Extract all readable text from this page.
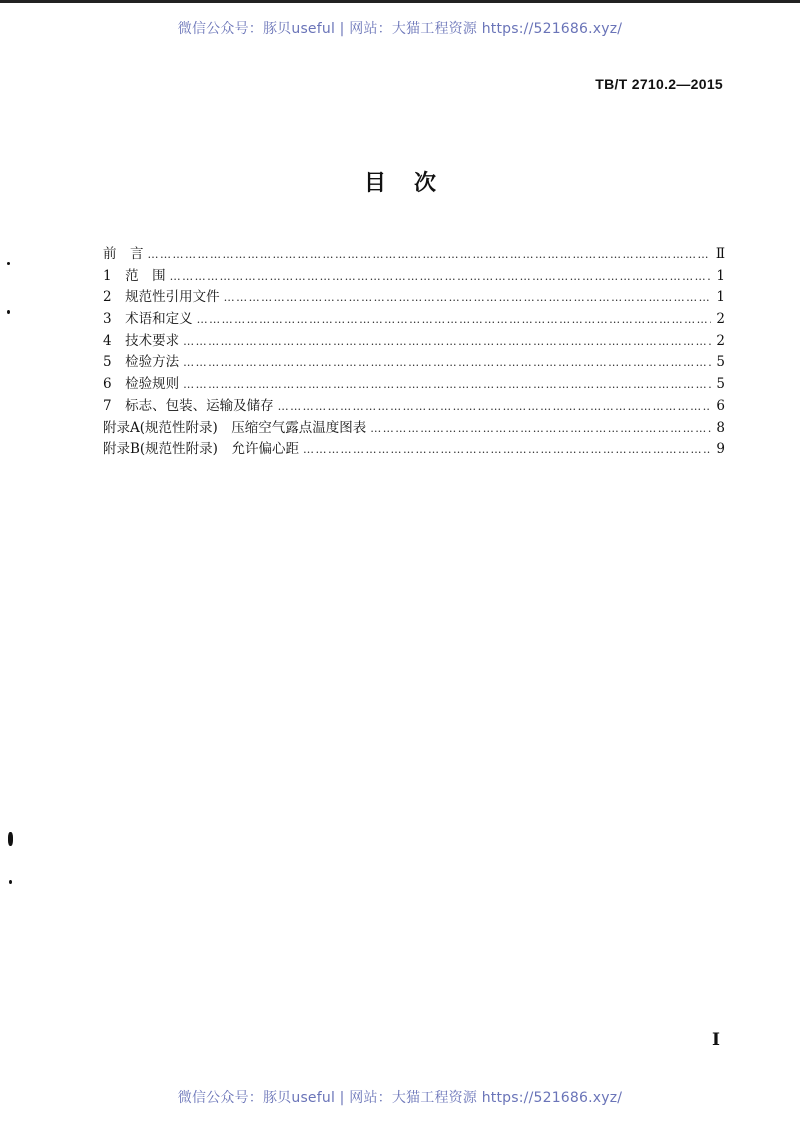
微信公众号：豚贝useful | 网站：大猫工程资源 https://521686.xyz/
TB/T 2710.2—2015
目次
前　言 …………………………………………………………………………………………………………………………………………………………………………………………………………………………	Ⅱ
1　范　围 …………………………………………………………………………………………………………………………………………………………………………………………………………………………	1
2　规范性引用文件 …………………………………………………………………………………………………………………………………………………………………………………………………………………………	1
3　术语和定义 …………………………………………………………………………………………………………………………………………………………………………………………………………………………	2
4　技术要求 …………………………………………………………………………………………………………………………………………………………………………………………………………………………	2
5　检验方法 …………………………………………………………………………………………………………………………………………………………………………………………………………………………	5
6　检验规则 …………………………………………………………………………………………………………………………………………………………………………………………………………………………	5
7　标志、包装、运输及储存 …………………………………………………………………………………………………………………………………………………………………………………………………………………………	6
附录A(规范性附录)　压缩空气露点温度图表 …………………………………………………………………………………………………………………………………………………………………………………………………………………………	8
附录B(规范性附录)　允许偏心距 …………………………………………………………………………………………………………………………………………………………………………………………………………………………	9
I
微信公众号：豚贝useful | 网站：大猫工程资源 https://521686.xyz/
